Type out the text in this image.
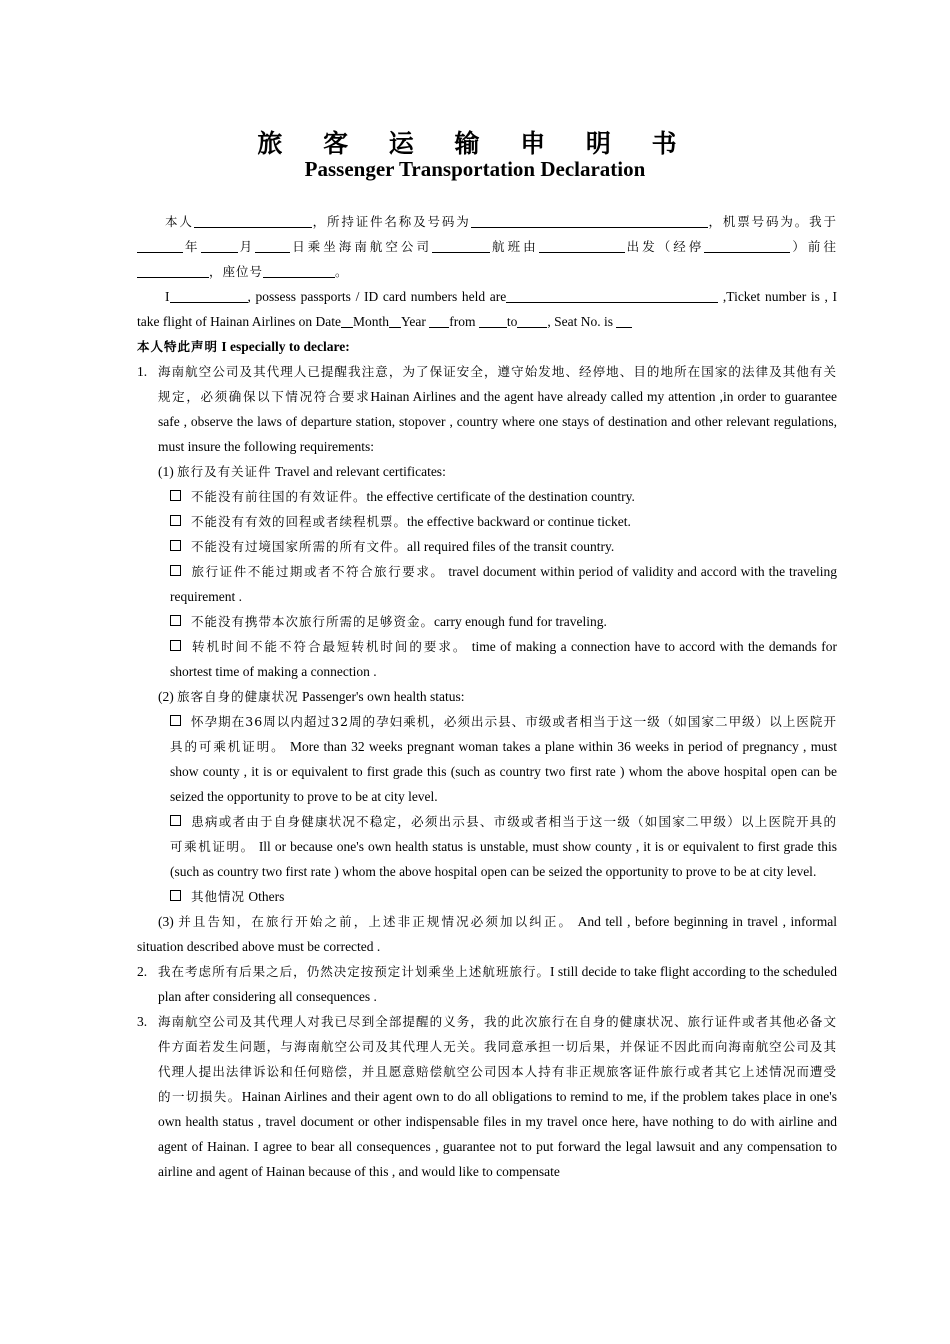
旅 客 运 输 申 明 书
Passenger Transportation Declaration

本人	，所持证件名称及号码为	，机票号码为。我于年	月	日乘坐海南航空公司	航班由	出发（经停	）前往，座位号	。

I	, possess passports / ID card numbers held are	,Ticket number is , I take flight of Hainan Airlines on Date Month Year from to , Seat No. is

本人特此声明 I especially to declare:

1. 海南航空公司及其代理人已提醒我注意，为了保证安全，遵守始发地、经停地、目的地所在国家的法律及其他有关规定，必须确保以下情况符合要求Hainan Airlines and the agent have already called my attention ,in order to guarantee safe , observe the laws of departure station, stopover , country where one stays of destination and other relevant regulations, must insure the following requirements:

(1) 旅行及有关证件 Travel and relevant certificates:

不能没有前往国的有效证件。the effective certificate of the destination country.

不能没有有效的回程或者续程机票。the effective backward or continue ticket.

不能没有过境国家所需的所有文件。all required files of the transit country.

旅行证件不能过期或者不符合旅行要求。 travel document within period of validity and accord with the traveling requirement .

不能没有携带本次旅行所需的足够资金。carry enough fund for traveling.

转机时间不能不符合最短转机时间的要求。 time of making a connection have to accord with the demands for shortest time of making a connection .

(2) 旅客自身的健康状况 Passenger's own health status:

怀孕期在36周以内超过32周的孕妇乘机，必须出示县、市级或者相当于这一级（如国家二甲级）以上医院开具的可乘机证明。 More than 32 weeks pregnant woman takes a plane within 36 weeks in period of pregnancy , must show county , it is or equivalent to first grade this (such as country two first rate ) whom the above hospital open can be seized the opportunity to prove to be at city level.

患病或者由于自身健康状况不稳定，必须出示县、市级或者相当于这一级（如国家二甲级）以上医院开具的可乘机证明。 Ill or because one's own health status is unstable, must show county , it is or equivalent to first grade this (such as country two first rate ) whom the above hospital open can be seized the opportunity to prove to be at city level.

其他情况 Others

(3) 并且告知，在旅行开始之前，上述非正规情况必须加以纠正。 And tell , before beginning in travel , informal situation described above must be corrected .

2. 我在考虑所有后果之后，仍然决定按预定计划乘坐上述航班旅行。I still decide to take flight according to the scheduled plan after considering all consequences .

3. 海南航空公司及其代理人对我已尽到全部提醒的义务，我的此次旅行在自身的健康状况、旅行证件或者其他必备文件方面若发生问题，与海南航空公司及其代理人无关。我同意承担一切后果，并保证不因此而向海南航空公司及其代理人提出法律诉讼和任何赔偿，并且愿意赔偿航空公司因本人持有非正规旅客证件旅行或者其它上述情况而遭受的一切损失。Hainan Airlines and their agent own to do all obligations to remind to me, if the problem takes place in one's own health status , travel document or other indispensable files in my travel once here, have nothing to do with airline and agent of Hainan. I agree to bear all consequences , guarantee not to put forward the legal lawsuit and any compensation to airline and agent of Hainan because of this , and would like to compensate
